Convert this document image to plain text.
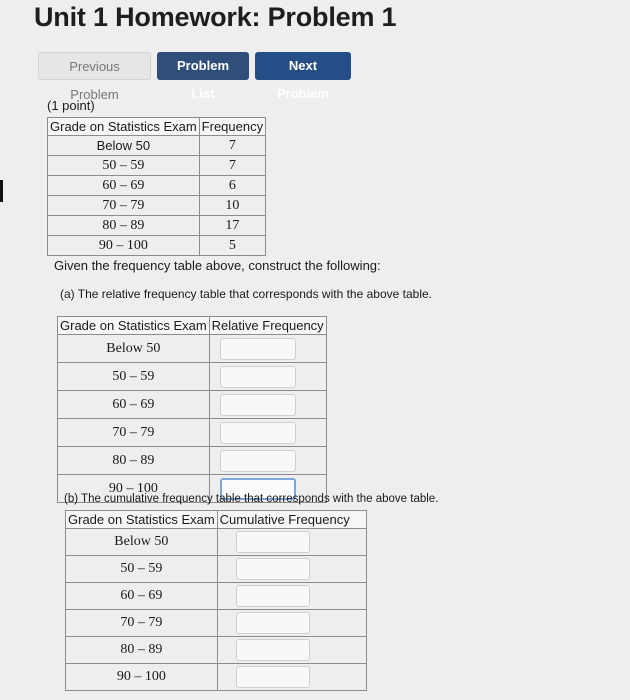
Unit 1 Homework: Problem 1
Previous Problem
Problem List
Next Problem
(1 point)
Grade on Statistics Exam	Frequency
Below 50	7
50 – 59	7
60 – 69	6
70 – 79	10
80 – 89	17
90 – 100	5
Given the frequency table above, construct the following:
(a) The relative frequency table that corresponds with the above table.
Grade on Statistics Exam	Relative Frequency
Below 50	

50 – 59	

60 – 69	

70 – 79	

80 – 89	

90 – 100	
(b) The cumulative frequency table that corresponds with the above table.
Grade on Statistics Exam	Cumulative Frequency
Below 50	

50 – 59	

60 – 69	

70 – 79	

80 – 89	

90 – 100	
